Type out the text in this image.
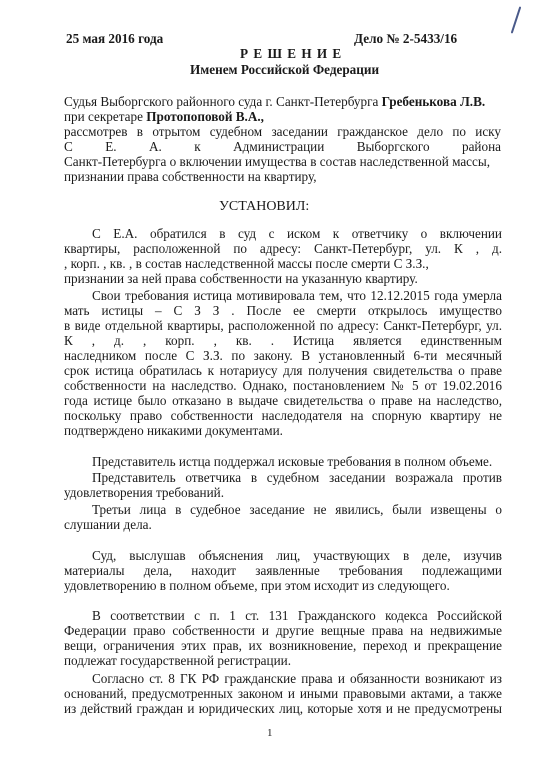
25 мая 2016 года	Дело № 2-5433/16
Р Е Ш Е Н И Е
Именем Российской Федерации
Судья Выборгского районного суда г. Санкт-Петербурга Гребенькова Л.В.
при секретаре Протопоповой В.А.,
рассмотрев в отрытом судебном заседании гражданское дело по иску
С Е. А. к Администрации Выборгского района
Санкт-Петербурга о включении имущества в состав наследственной массы,
признании права собственности на квартиру,
УСТАНОВИЛ:
С Е.А. обратился в суд с иском к ответчику о включении
квартиры, расположенной по адресу: Санкт-Петербург, ул. К , д.
, корп. , кв. , в состав наследственной массы после смерти С З.З.,
признании за ней права собственности на указанную квартиру.
Свои требования истица мотивировала тем, что 12.12.2015 года умерла
мать истицы – С З З . После ее смерти открылось имущество
в виде отдельной квартиры, расположенной по адресу: Санкт-Петербург, ул.
К , д. , корп. , кв. . Истица является единственным
наследником после С З.З. по закону. В установленный 6-ти месячный
срок истица обратилась к нотариусу для получения свидетельства о праве
собственности на наследство. Однако, постановлением № 5 от 19.02.2016
года истице было отказано в выдаче свидетельства о праве на наследство,
поскольку право собственности наследодателя на спорную квартиру не
подтверждено никакими документами.
Представитель истца поддержал исковые требования в полном объеме.
Представитель ответчика в судебном заседании возражала против
удовлетворения требований.
Третьи лица в судебное заседание не явились, были извещены о
слушании дела.
Суд, выслушав объяснения лиц, участвующих в деле, изучив
материалы дела, находит заявленные требования подлежащими
удовлетворению в полном объеме, при этом исходит из следующего.
В соответствии с п. 1 ст. 131 Гражданского кодекса Российской
Федерации право собственности и другие вещные права на недвижимые
вещи, ограничения этих прав, их возникновение, переход и прекращение
подлежат государственной регистрации.
Согласно ст. 8 ГК РФ гражданские права и обязанности возникают из
оснований, предусмотренных законом и иными правовыми актами, а также
из действий граждан и юридических лиц, которые хотя и не предусмотрены
1
